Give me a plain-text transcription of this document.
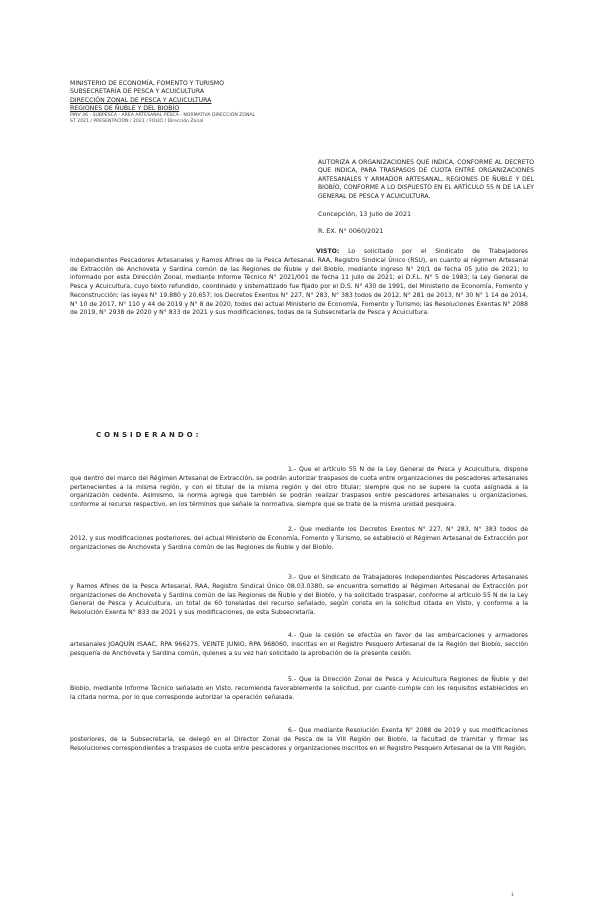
MINISTERIO DE ECONOMÍA, FOMENTO Y TURISMO
SUBSECRETARÍA DE PESCA Y ACUICULTURA
DIRECCIÓN ZONAL DE PESCA Y ACUICULTURA
REGIONES DE ÑUBLE Y DEL BIOBÍO
PINV 36 - SUBPESCA - AREA ARTESANAL PESCA - NORMATIVA DIRECCIÓN ZONAL
ST 2021 / PRESENTACIÓN / 2021 / FOLIO / Dirección Zonal
AUTORIZA A ORGANIZACIONES QUE INDICA, CONFORME AL DECRETO QUE INDICA, PARA TRASPASOS DE CUOTA ENTRE ORGANIZACIONES ARTESANALES Y ARMADOR ARTESANAL, REGIONES DE ÑUBLE Y DEL BIOBÍO, CONFORME A LO DISPUESTO EN EL ARTÍCULO 55 N DE LA LEY GENERAL DE PESCA Y ACUICULTURA.
Concepción, 13 Julio de 2021
R. EX. N° 0060/2021
VISTO: Lo solicitado por el Sindicato de Trabajadores Independientes Pescadores Artesanales y Ramos Afines de la Pesca Artesanal, RAA, Registro Sindical Único (RSU), en cuanto al régimen Artesanal de Extracción de Anchoveta y Sardina común de las Regiones de Ñuble y del Biobío, mediante ingreso N° 20/1 de fecha 05 julio de 2021; lo informado por esta Dirección Zonal, mediante Informe Técnico N° 2021/001 de fecha 11 julio de 2021; el D.F.L. N° 5 de 1983; la Ley General de Pesca y Acuicultura, cuyo texto refundido, coordinado y sistematizado fue fijado por el D.S. N° 430 de 1991, del Ministerio de Economía, Fomento y Reconstrucción; las leyes N° 19.880 y 20.657; los Decretos Exentos N° 227, N° 283, N° 383 todos de 2012, N° 281 de 2013, N° 30 N° 1 14 de 2014, N° 10 de 2017, N° 110 y 44 de 2019 y N° 8 de 2020, todos del actual Ministerio de Economía, Fomento y Turismo; las Resoluciones Exentas N° 2088 de 2019, N° 2938 de 2020 y N° 833 de 2021 y sus modificaciones, todas de la Subsecretaría de Pesca y Acuicultura.
CONSIDERANDO:
1.- Que el artículo 55 N de la Ley General de Pesca y Acuicultura, dispone que dentro del marco del Régimen Artesanal de Extracción, se podrán autorizar traspasos de cuota entre organizaciones de pescadores artesanales pertenecientes a la misma región, y con el titular de la misma región y del otro titular; siempre que no se supere la cuota asignada a la organización cedente. Asimismo, la norma agrega que también se podrán realizar traspasos entre pescadores artesanales u organizaciones, conforme al recurso respectivo, en los términos que señale la normativa, siempre que se trate de la misma unidad pesquera.
2.- Que mediante los Decretos Exentos N° 227, N° 283, N° 383 todos de 2012, y sus modificaciones posteriores, del actual Ministerio de Economía, Fomento y Turismo, se estableció el Régimen Artesanal de Extracción por organizaciones de Anchoveta y Sardina común de las Regiones de Ñuble y del Biobío.
3.- Que el Sindicato de Trabajadores Independientes Pescadores Artesanales y Ramos Afines de la Pesca Artesanal, RAA, Registro Sindical Único 08.03.0380, se encuentra sometido al Régimen Artesanal de Extracción por organizaciones de Anchoveta y Sardina común de las Regiones de Ñuble y del Biobío, y ha solicitado traspasar, conforme al artículo 55 N de la Ley General de Pesca y Acuicultura, un total de 60 toneladas del recurso señalado, según consta en la solicitud citada en Visto, y conforme a la Resolución Exenta N° 833 de 2021 y sus modificaciones, de esta Subsecretaría.
4.- Que la cesión se efectúa en favor de las embarcaciones y armadores artesanales JOAQUÍN ISAAC, RPA 966275, VEINTE JUNIO, RPA 968060, inscritas en el Registro Pesquero Artesanal de la Región del Biobío, sección pesquería de Anchoveta y Sardina común, quienes a su vez han solicitado la aprobación de la presente cesión.
5.- Que la Dirección Zonal de Pesca y Acuicultura Regiones de Ñuble y del Biobío, mediante Informe Técnico señalado en Visto, recomienda favorablemente la solicitud, por cuanto cumple con los requisitos establecidos en la citada norma, por lo que corresponde autorizar la operación señalada.
6.- Que mediante Resolución Exenta N° 2088 de 2019 y sus modificaciones posteriores, de la Subsecretaría, se delegó en el Director Zonal de Pesca de la VIII Región del Biobío, la facultad de tramitar y firmar las Resoluciones correspondientes a traspasos de cuota entre pescadores y organizaciones inscritos en el Registro Pesquero Artesanal de la VIII Región.
1
